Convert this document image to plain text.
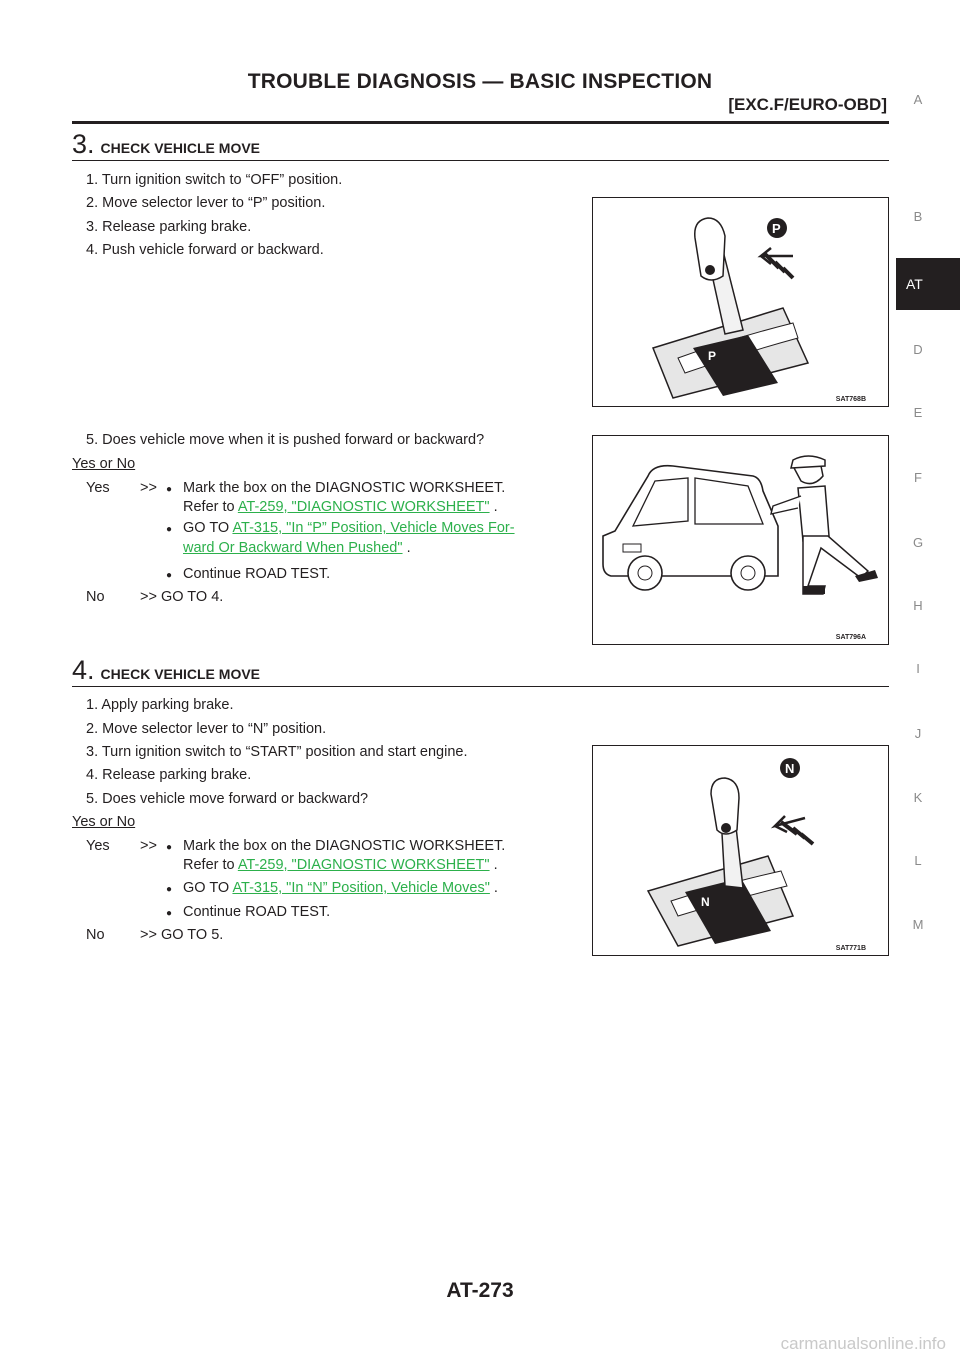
TROUBLE DIAGNOSIS — BASIC INSPECTION
[EXC.F/EURO-OBD]
3 . CHECK VEHICLE MOVE
1. Turn ignition switch to “OFF” position.
2. Move selector lever to “P” position.
3. Release parking brake.
4. Push vehicle forward or backward.
5. Does vehicle move when it is pushed forward or backward?
Yes or No
Yes >> ● Mark the box on the DIAGNOSTIC WORKSHEET.
Refer to AT-259, "DIAGNOSTIC WORKSHEET" .
● GO TO AT-315, "In “P” Position, Vehicle Moves For-
ward Or Backward When Pushed" .
● Continue ROAD TEST.
No >> GO TO 4.
P
P
SAT768B
SAT796A
4 . CHECK VEHICLE MOVE
1. Apply parking brake.
2. Move selector lever to “N” position.
3. Turn ignition switch to “START” position and start engine.
4. Release parking brake.
5. Does vehicle move forward or backward?
Yes or No
Yes >> ● Mark the box on the DIAGNOSTIC WORKSHEET.
Refer to AT-259, "DIAGNOSTIC WORKSHEET" .
● GO TO AT-315, "In “N” Position, Vehicle Moves" .
● Continue ROAD TEST.
No >> GO TO 5.
N
N
SAT771B
A
B
AT
D
E
F
G
H
I
J
K
L
M
AT-273
carmanualsonline.info
